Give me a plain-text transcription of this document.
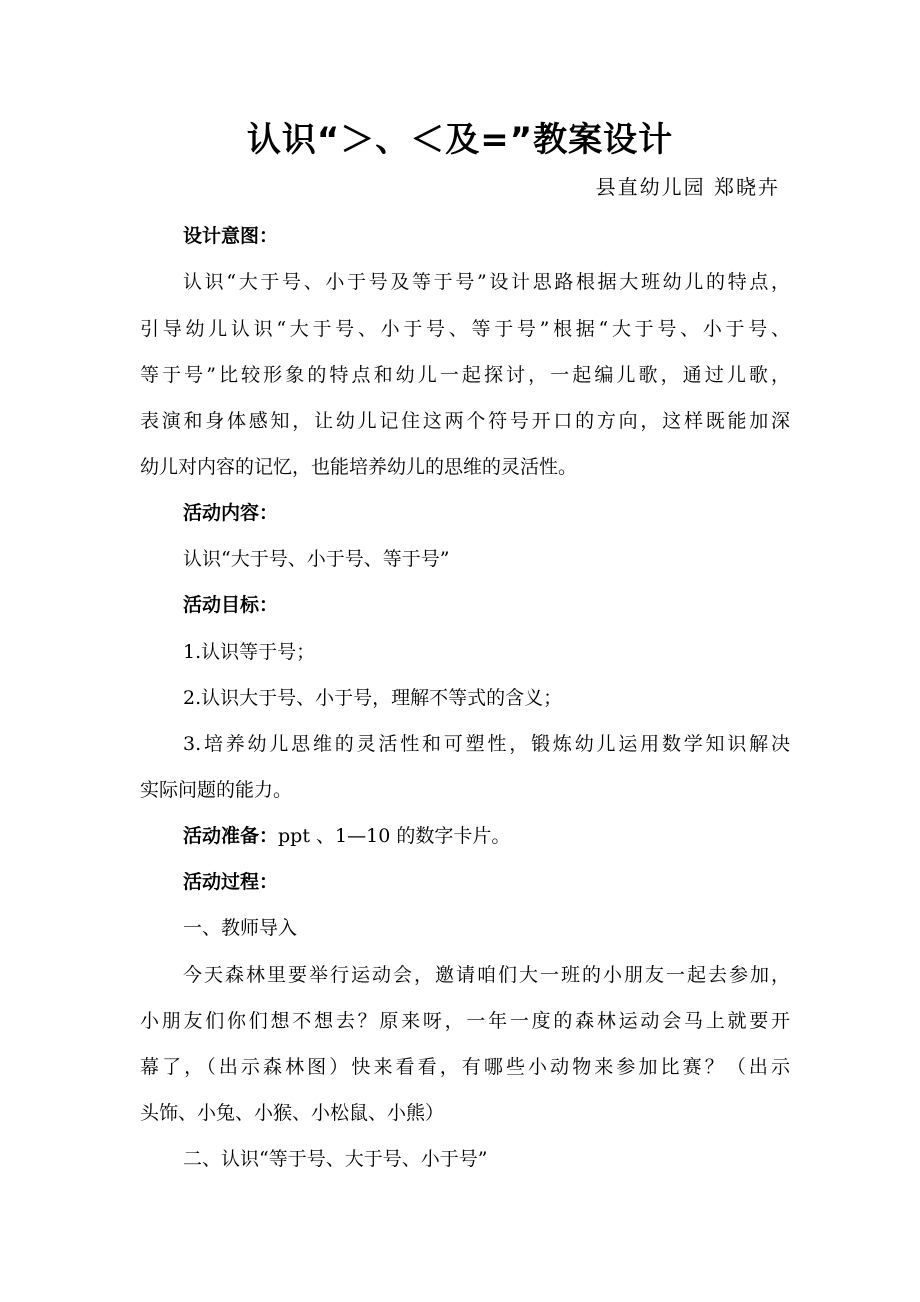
认识“＞、＜及=”教案设计
县直幼儿园 郑晓卉
设计意图：
认识“大于号、小于号及等于号”设计思路根据大班幼儿的特点，
引导幼儿认识“大于号、小于号、等于号”根据“大于号、小于号、
等于号”比较形象的特点和幼儿一起探讨，一起编儿歌，通过儿歌，
表演和身体感知，让幼儿记住这两个符号开口的方向，这样既能加深
幼儿对内容的记忆，也能培养幼儿的思维的灵活性。
活动内容：
认识“大于号、小于号、等于号”
活动目标：
1.认识等于号；
2.认识大于号、小于号，理解不等式的含义；
3.培养幼儿思维的灵活性和可塑性，锻炼幼儿运用数学知识解决
实际问题的能力。
活动准备：ppt 、1—10 的数字卡片。
活动过程：
一、教师导入
今天森林里要举行运动会，邀请咱们大一班的小朋友一起去参加，
小朋友们你们想不想去？原来呀，一年一度的森林运动会马上就要开
幕了，（出示森林图）快来看看，有哪些小动物来参加比赛？（出示
头饰、小兔、小猴、小松鼠、小熊）
二、认识“等于号、大于号、小于号”
